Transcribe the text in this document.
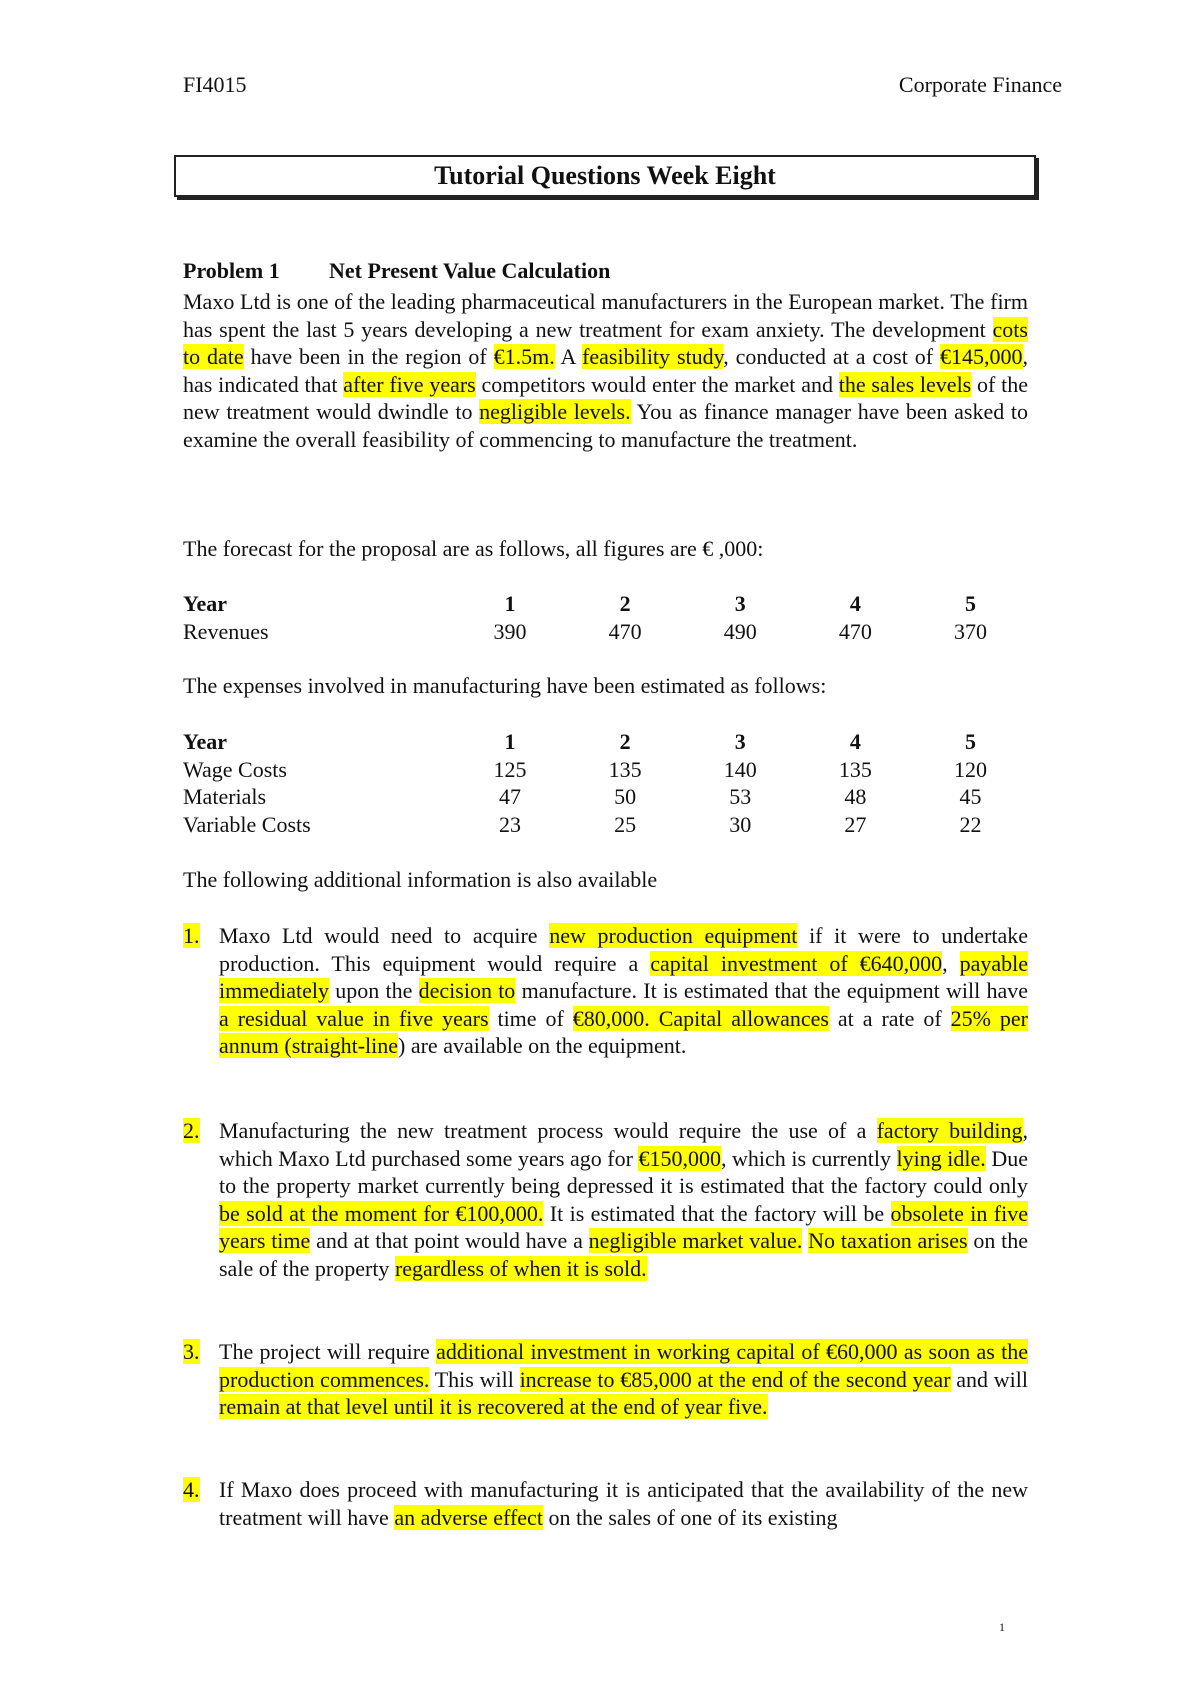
FI4015	Corporate Finance
Tutorial Questions Week Eight
Problem 1 Net Present Value Calculation

Maxo Ltd is one of the leading pharmaceutical manufacturers in the European market. The firm has spent the last 5 years developing a new treatment for exam anxiety. The development cots to date have been in the region of €1.5m. A feasibility study, conducted at a cost of €145,000, has indicated that after five years competitors would enter the market and the sales levels of the new treatment would dwindle to negligible levels. You as finance manager have been asked to examine the overall feasibility of commencing to manufacture the treatment.

The forecast for the proposal are as follows, all figures are € ,000:

Year	1	2	3	4	5
Revenues	390	470	490	470	370

The expenses involved in manufacturing have been estimated as follows:

Year	1	2	3	4	5
Wage Costs	125	135	140	135	120
Materials	47	50	53	48	45
Variable Costs	23	25	30	27	22

The following additional information is also available

1. Maxo Ltd would need to acquire new production equipment if it were to undertake production. This equipment would require a capital investment of €640,000, payable immediately upon the decision to manufacture. It is estimated that the equipment will have a residual value in five years time of €80,000. Capital allowances at a rate of 25% per annum (straight-line) are available on the equipment.

2. Manufacturing the new treatment process would require the use of a factory building, which Maxo Ltd purchased some years ago for €150,000, which is currently lying idle. Due to the property market currently being depressed it is estimated that the factory could only be sold at the moment for €100,000. It is estimated that the factory will be obsolete in five years time and at that point would have a negligible market value. No taxation arises on the sale of the property regardless of when it is sold.

3. The project will require additional investment in working capital of €60,000 as soon as the production commences. This will increase to €85,000 at the end of the second year and will remain at that level until it is recovered at the end of year five.

4. If Maxo does proceed with manufacturing it is anticipated that the availability of the new treatment will have an adverse effect on the sales of one of its existing

1
